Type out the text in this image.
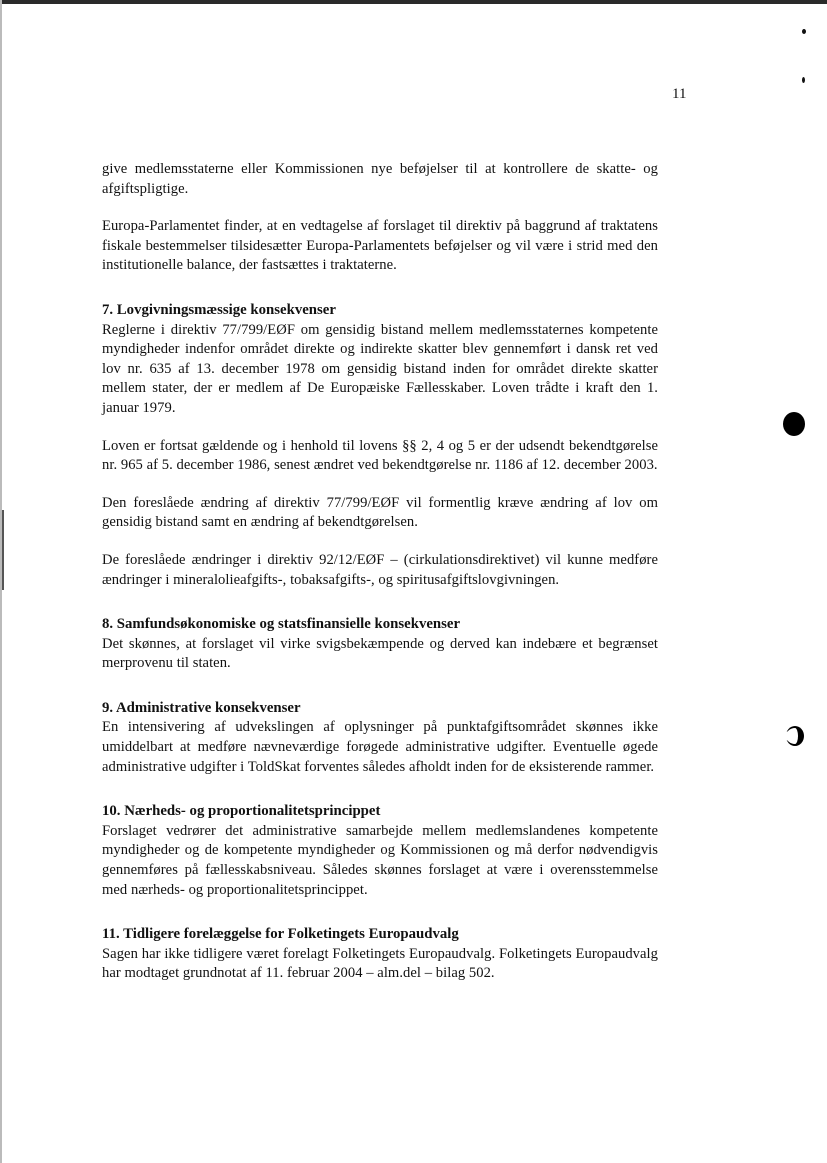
11

give medlemsstaterne eller Kommissionen nye beføjelser til at kontrollere de skatte- og afgiftspligtige.

Europa-Parlamentet finder, at en vedtagelse af forslaget til direktiv på baggrund af traktatens fiskale bestemmelser tilsidesætter Europa-Parlamentets beføjelser og vil være i strid med den institutionelle balance, der fastsættes i traktaterne.

7. Lovgivningsmæssige konsekvenser

Reglerne i direktiv 77/799/EØF om gensidig bistand mellem medlemsstaternes kompetente myndigheder indenfor området direkte og indirekte skatter blev gennemført i dansk ret ved lov nr. 635 af 13. december 1978 om gensidig bistand inden for området direkte skatter mellem stater, der er medlem af De Europæiske Fællesskaber. Loven trådte i kraft den 1. januar 1979.

Loven er fortsat gældende og i henhold til lovens §§ 2, 4 og 5 er der udsendt bekendtgørelse nr. 965 af 5. december 1986, senest ændret ved bekendtgørelse nr. 1186 af 12. december 2003.

Den foreslåede ændring af direktiv 77/799/EØF vil formentlig kræve ændring af lov om gensidig bistand samt en ændring af bekendtgørelsen.

De foreslåede ændringer i direktiv 92/12/EØF – (cirkulationsdirektivet) vil kunne medføre ændringer i mineralolieafgifts-, tobaksafgifts-, og spiritusafgiftslovgivningen.

8. Samfundsøkonomiske og statsfinansielle konsekvenser

Det skønnes, at forslaget vil virke svigsbekæmpende og derved kan indebære et begrænset merprovenu til staten.

9. Administrative konsekvenser

En intensivering af udvekslingen af oplysninger på punktafgiftsområdet skønnes ikke umiddelbart at medføre nævneværdige forøgede administrative udgifter. Eventuelle øgede administrative udgifter i ToldSkat forventes således afholdt inden for de eksisterende rammer.

10. Nærheds- og proportionalitetsprincippet

Forslaget vedrører det administrative samarbejde mellem medlemslandenes kompetente myndigheder og de kompetente myndigheder og Kommissionen og må derfor nødvendigvis gennemføres på fællesskabsniveau. Således skønnes forslaget at være i overensstemmelse med nærheds- og proportionalitetsprincippet.

11. Tidligere forelæggelse for Folketingets Europaudvalg

Sagen har ikke tidligere været forelagt Folketingets Europaudvalg. Folketingets Europaudvalg har modtaget grundnotat af 11. februar 2004 – alm.del – bilag 502.
